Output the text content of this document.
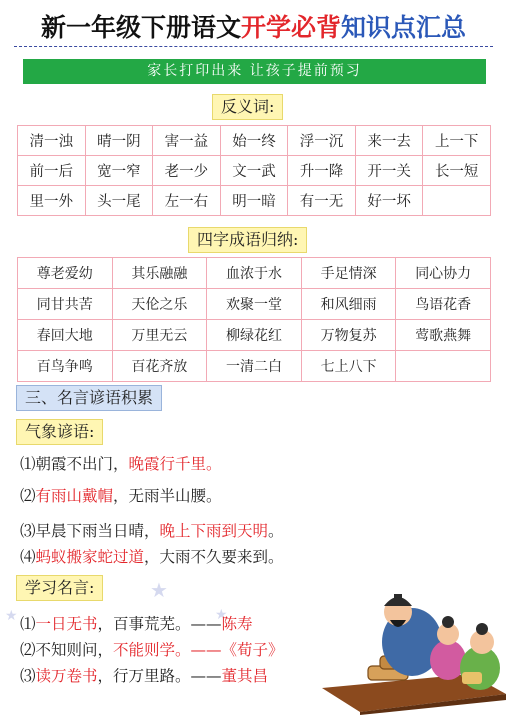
新一年级下册语文开学必背知识点汇总
家长打印出来 让孩子提前预习
反义词:
清一浊	晴一阴	害一益	始一终	浮一沉	来一去	上一下
前一后	宽一窄	老一少	文一武	升一降	开一关	长一短
里一外	头一尾	左一右	明一暗	有一无	好一坏	
四字成语归纳:
尊老爱幼	其乐融融	血浓于水	手足情深	同心协力
同甘共苦	天伦之乐	欢聚一堂	和风细雨	鸟语花香
春回大地	万里无云	柳绿花红	万物复苏	莺歌燕舞
百鸟争鸣	百花齐放	一清二白	七上八下	
三、名言谚语积累
气象谚语:
⑴朝霞不出门，晚霞行千里。
⑵有雨山戴帽，无雨半山腰。
⑶早晨下雨当日晴，晚上下雨到天明。
⑷蚂蚁搬家蛇过道，大雨不久要来到。
学习名言:	★
★
★ ⑴一日无书，百事荒芜。——陈寿
⑵不知则问，不能则学。——《荀子》
⑶读万卷书，行万里路。——董其昌
